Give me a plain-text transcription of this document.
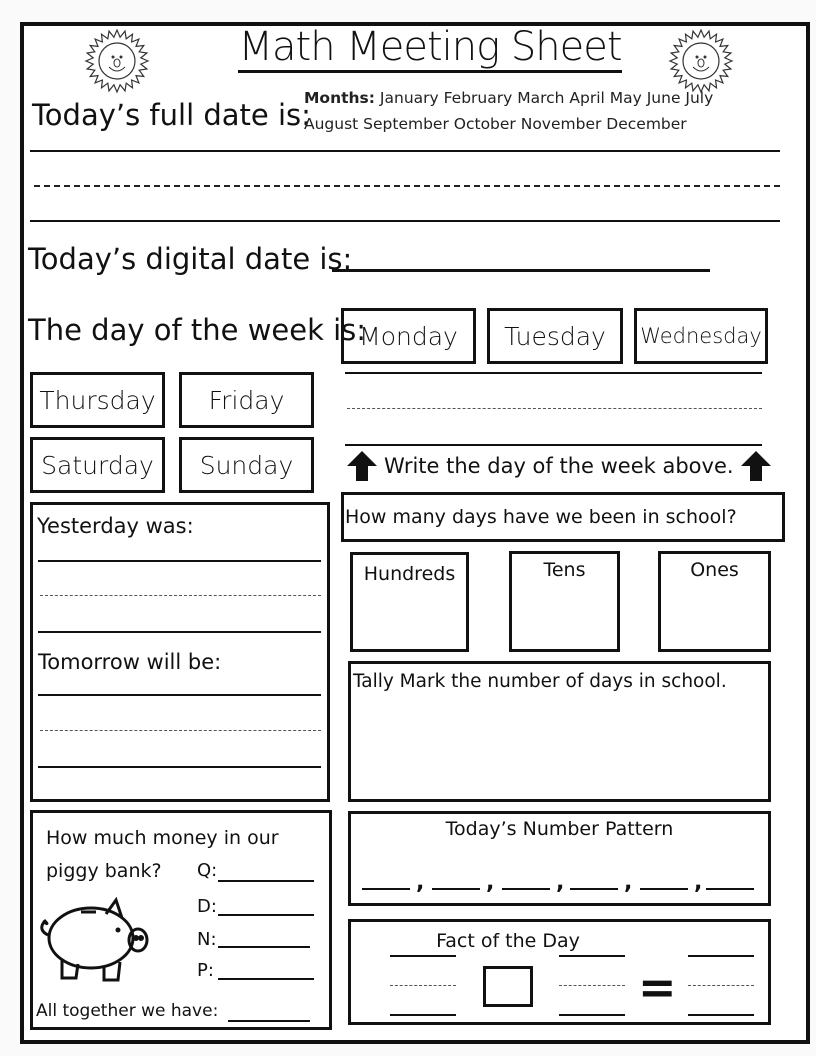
Math Meeting Sheet
Today’s full date is:
Months: January February March April May June July
August September October November December
Today’s digital date is:
The day of the week is:
Monday	Tuesday	Wednesday
Thursday	Friday
Saturday	Sunday	Write the day of the week above.
Yesterday was:
Tomorrow will be:
How many days have we been in school?
Hundreds	Tens	Ones
Tally Mark the number of days in school.
How much money in our
piggy bank? Q:
D:
N:
P:
All together we have:
Today’s Number Pattern
,	,	,	,	,
Fact of the Day
=
